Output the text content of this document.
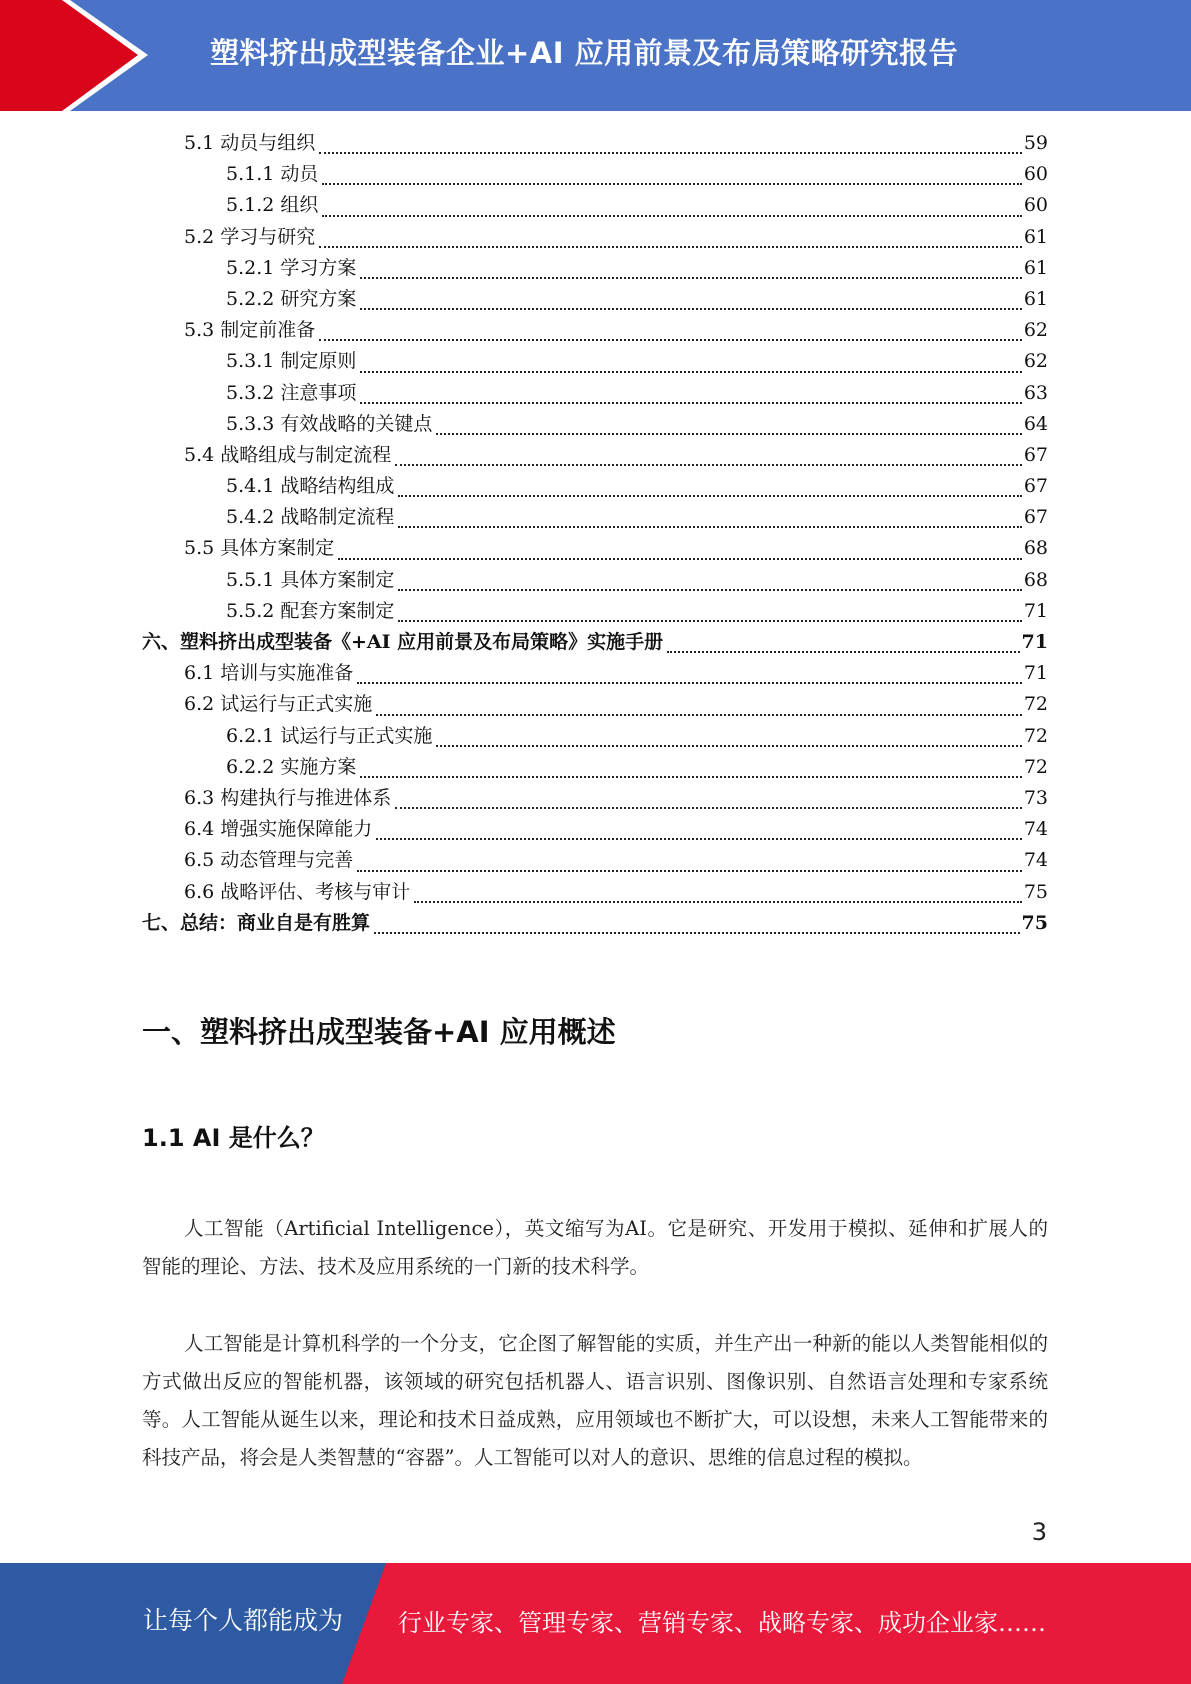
塑料挤出成型装备企业+AI 应用前景及布局策略研究报告
5.1 动员与组织	59
5.1.1 动员	60
5.1.2 组织	60
5.2 学习与研究	61
5.2.1 学习方案	61
5.2.2 研究方案	61
5.3 制定前准备	62
5.3.1 制定原则	62
5.3.2 注意事项	63
5.3.3 有效战略的关键点	64
5.4 战略组成与制定流程	67
5.4.1 战略结构组成	67
5.4.2 战略制定流程	67
5.5 具体方案制定	68
5.5.1 具体方案制定	68
5.5.2 配套方案制定	71
六、塑料挤出成型装备《+AI 应用前景及布局策略》实施手册	71
6.1 培训与实施准备	71
6.2 试运行与正式实施	72
6.2.1 试运行与正式实施	72
6.2.2 实施方案	72
6.3 构建执行与推进体系	73
6.4 增强实施保障能力	74
6.5 动态管理与完善	74
6.6 战略评估、考核与审计	75
七、总结：商业自是有胜算	75
一、塑料挤出成型装备+AI 应用概述
1.1 AI 是什么？
人工智能（Artificial Intelligence），英文缩写为AI。它是研究、开发用于模拟、延伸和扩展人的智能的理论、方法、技术及应用系统的一门新的技术科学。
人工智能是计算机科学的一个分支，它企图了解智能的实质，并生产出一种新的能以人类智能相似的方式做出反应的智能机器，该领域的研究包括机器人、语言识别、图像识别、自然语言处理和专家系统等。人工智能从诞生以来，理论和技术日益成熟，应用领域也不断扩大，可以设想，未来人工智能带来的科技产品，将会是人类智慧的“容器”。人工智能可以对人的意识、思维的信息过程的模拟。
3
让每个人都能成为 行业专家、管理专家、营销专家、战略专家、成功企业家……
